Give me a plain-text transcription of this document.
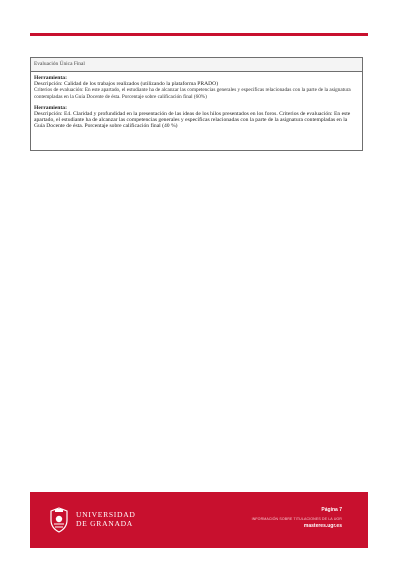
Evaluación Única Final
Herramienta:
Descripción: Calidad de los trabajos realizados (utilizando la plataforma PRADO)
Criterios de evaluación: En este apartado, el estudiante ha de alcanzar las competencias generales y específicas relacionadas con la parte de la asignatura contempladas en la Guía Docente de ésta. Porcentaje sobre calificación final (60%)
Herramienta:
Descripción: E4. Claridad y profundidad en la presentación de las ideas de los hilos presentados en los foros. Criterios de evaluación: En este apartado, el estudiante ha de alcanzar las competencias generales y específicas relacionadas con la parte de la asignatura contempladas en la Guía Docente de ésta. Porcentaje sobre calificación final (40 %)
UNIVERSIDAD
DE GRANADA
Página 7
INFORMACIÓN SOBRE TITULACIONES DE LA UGR
masteres.ugr.es
